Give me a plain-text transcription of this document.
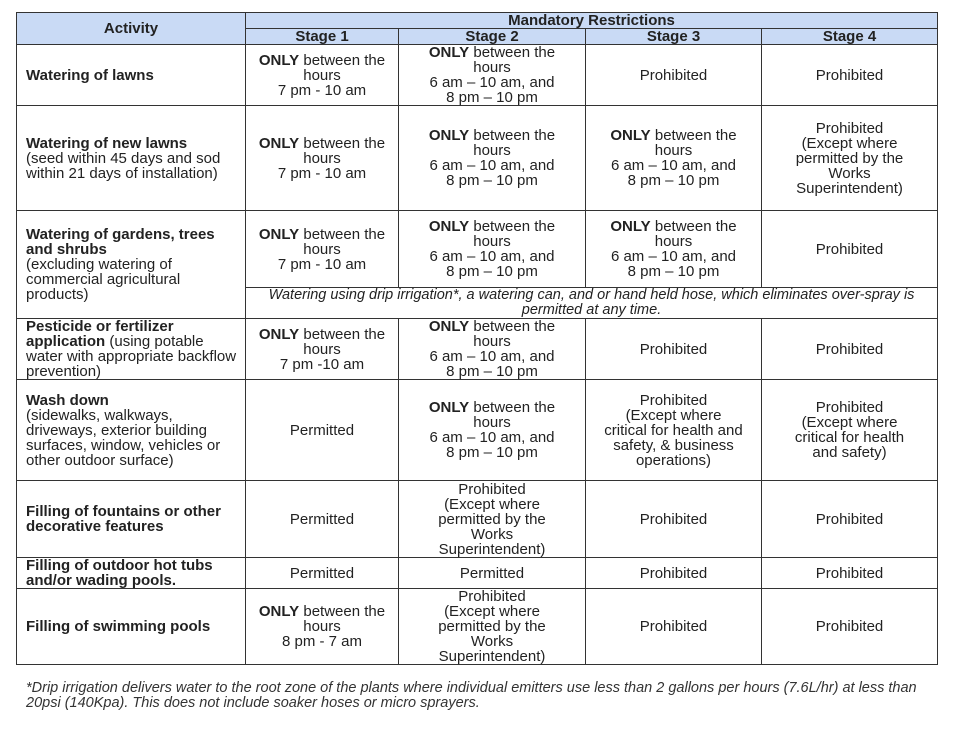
Activity	Mandatory Restrictions			
	Stage 1	Stage 2	Stage 3	Stage 4
Watering of lawns	ONLY between the
hours
7 pm - 10 am	ONLY between the
hours
6 am – 10 am, and
8 pm – 10 pm	Prohibited	Prohibited
Watering of new lawns
(seed within 45 days and sod within 21 days of installation)	ONLY between the
hours
7 pm - 10 am	ONLY between the
hours
6 am – 10 am, and
8 pm – 10 pm	ONLY between the
hours
6 am – 10 am, and
8 pm – 10 pm	Prohibited
(Except where
permitted by the
Works
Superintendent)

Watering of gardens, trees and shrubs
(excluding watering of commercial agricultural products)	ONLY between the
hours
7 pm - 10 am	ONLY between the
hours
6 am – 10 am, and
8 pm – 10 pm	ONLY between the
hours
6 am – 10 am, and
8 pm – 10 pm	Prohibited
	Watering using drip irrigation*, a watering can, and or hand held hose, which eliminates over-spray is permitted at any time.			
Pesticide or fertilizer application (using potable water with appropriate backflow prevention)	ONLY between the
hours
7 pm -10 am	ONLY between the
hours
6 am – 10 am, and
8 pm – 10 pm	Prohibited	Prohibited
Wash down
(sidewalks, walkways, driveways, exterior building surfaces, window, vehicles or other outdoor surface)	Permitted	ONLY between the
hours
6 am – 10 am, and
8 pm – 10 pm	Prohibited
(Except where
critical for health and
safety, & business
operations)	Prohibited
(Except where
critical for health
and safety)

Filling of fountains or other decorative features	Permitted	Prohibited
(Except where
permitted by the
Works
Superintendent)	Prohibited	Prohibited
Filling of outdoor hot tubs and/or wading pools.	Permitted	Permitted	Prohibited	Prohibited
Filling of swimming pools	ONLY between the
hours
8 pm - 7 am	Prohibited
(Except where
permitted by the
Works
Superintendent)	Prohibited	Prohibited
*Drip irrigation delivers water to the root zone of the plants where individual emitters use less than 2 gallons per hours (7.6L/hr) at less than 20psi (140Kpa). This does not include soaker hoses or micro sprayers.
